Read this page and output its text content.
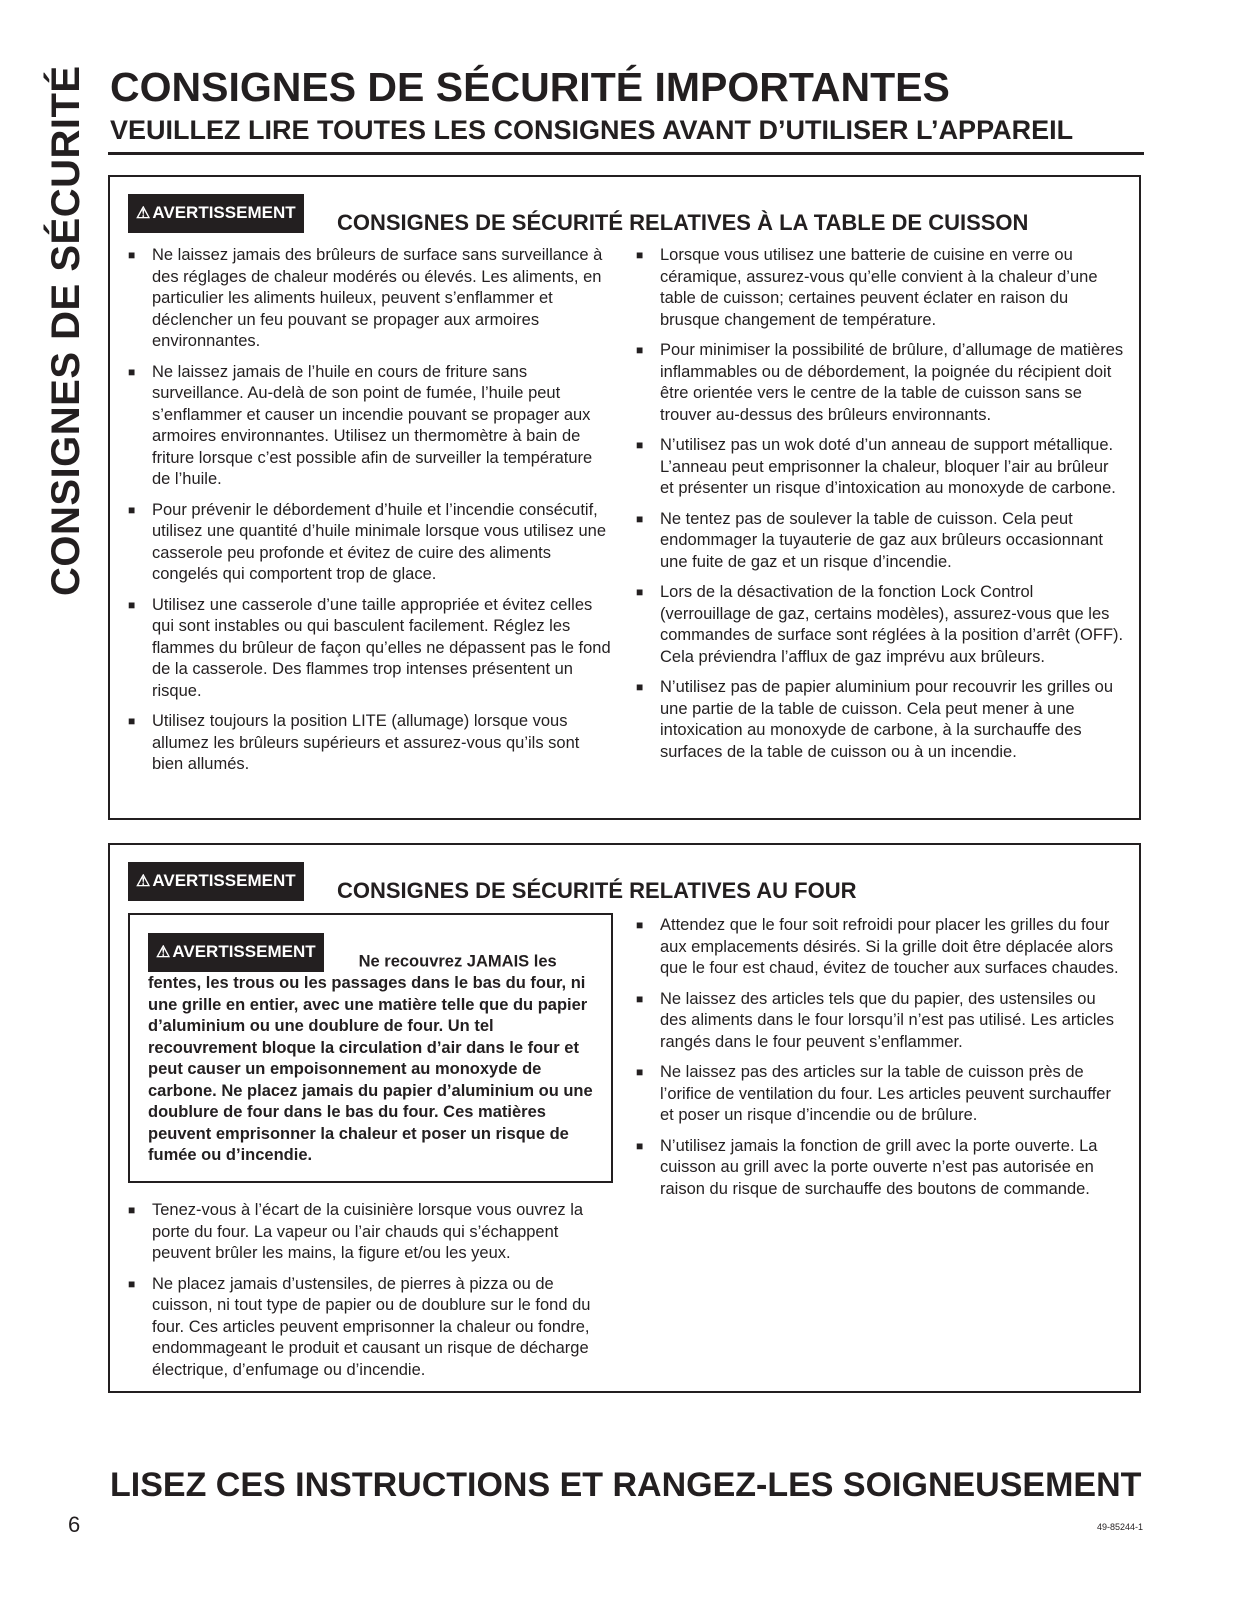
CONSIGNES DE SÉCURITÉ CONSIGNES DE SÉCURITÉ IMPORTANTES
VEUILLEZ LIRE TOUTES LES CONSIGNES AVANT D’UTILISER L’APPAREIL
⚠ AVERTISSEMENT	CONSIGNES DE SÉCURITÉ RELATIVES À LA TABLE DE CUISSON
■ Ne laissez jamais des brûleurs de surface sans surveillance à des réglages de chaleur modérés ou élevés. Les aliments, en particulier les aliments huileux, peuvent s’enflammer et déclencher un feu pouvant se propager aux armoires environnantes.
■ Ne laissez jamais de l’huile en cours de friture sans surveillance. Au-delà de son point de fumée, l’huile peut s’enflammer et causer un incendie pouvant se propager aux armoires environnantes. Utilisez un thermomètre à bain de friture lorsque c’est possible afin de surveiller la température de l’huile.
■ Pour prévenir le débordement d’huile et l’incendie consécutif, utilisez une quantité d’huile minimale lorsque vous utilisez une casserole peu profonde et évitez de cuire des aliments congelés qui comportent trop de glace.
■ Utilisez une casserole d’une taille appropriée et évitez celles qui sont instables ou qui basculent facilement. Réglez les flammes du brûleur de façon qu’elles ne dépassent pas le fond de la casserole. Des flammes trop intenses présentent un risque.
■ Utilisez toujours la position LITE (allumage) lorsque vous allumez les brûleurs supérieurs et assurez-vous qu’ils sont bien allumés.
■ Lorsque vous utilisez une batterie de cuisine en verre ou céramique, assurez-vous qu’elle convient à la chaleur d’une table de cuisson; certaines peuvent éclater en raison du brusque changement de température.
■ Pour minimiser la possibilité de brûlure, d’allumage de matières inflammables ou de débordement, la poignée du récipient doit être orientée vers le centre de la table de cuisson sans se trouver au-dessus des brûleurs environnants.
■ N’utilisez pas un wok doté d’un anneau de support métallique. L’anneau peut emprisonner la chaleur, bloquer l’air au brûleur et présenter un risque d’intoxication au monoxyde de carbone.
■ Ne tentez pas de soulever la table de cuisson. Cela peut endommager la tuyauterie de gaz aux brûleurs occasionnant une fuite de gaz et un risque d’incendie.
■ Lors de la désactivation de la fonction Lock Control (verrouillage de gaz, certains modèles), assurez-vous que les commandes de surface sont réglées à la position d’arrêt (OFF). Cela préviendra l’afflux de gaz imprévu aux brûleurs.
■ N’utilisez pas de papier aluminium pour recouvrir les grilles ou une partie de la table de cuisson. Cela peut mener à une intoxication au monoxyde de carbone, à la surchauffe des surfaces de la table de cuisson ou à un incendie.
⚠ AVERTISSEMENT	CONSIGNES DE SÉCURITÉ RELATIVES AU FOUR
⚠ AVERTISSEMENT

Ne recouvrez JAMAIS les fentes, les trous ou les passages dans le bas du four, ni une grille en entier, avec une matière telle que du papier d’aluminium ou une doublure de four. Un tel recouvrement bloque la circulation d’air dans le four et peut causer un empoisonnement au monoxyde de carbone. Ne placez jamais du papier d’aluminium ou une doublure de four dans le bas du four. Ces matières peuvent emprisonner la chaleur et poser un risque de fumée ou d’incendie.

■ Tenez-vous à l’écart de la cuisinière lorsque vous ouvrez la porte du four. La vapeur ou l’air chauds qui s’échappent peuvent brûler les mains, la figure et/ou les yeux.
■ Ne placez jamais d’ustensiles, de pierres à pizza ou de cuisson, ni tout type de papier ou de doublure sur le fond du four. Ces articles peuvent emprisonner la chaleur ou fondre, endommageant le produit et causant un risque de décharge électrique, d’enfumage ou d’incendie.
■ Attendez que le four soit refroidi pour placer les grilles du four aux emplacements désirés. Si la grille doit être déplacée alors que le four est chaud, évitez de toucher aux surfaces chaudes.
■ Ne laissez des articles tels que du papier, des ustensiles ou des aliments dans le four lorsqu’il n’est pas utilisé. Les articles rangés dans le four peuvent s’enflammer.
■ Ne laissez pas des articles sur la table de cuisson près de l’orifice de ventilation du four. Les articles peuvent surchauffer et poser un risque d’incendie ou de brûlure.
■ N’utilisez jamais la fonction de grill avec la porte ouverte. La cuisson au grill avec la porte ouverte n’est pas autorisée en raison du risque de surchauffe des boutons de commande.

LISEZ CES INSTRUCTIONS ET RANGEZ-LES SOIGNEUSEMENT

6	49-85244-1
